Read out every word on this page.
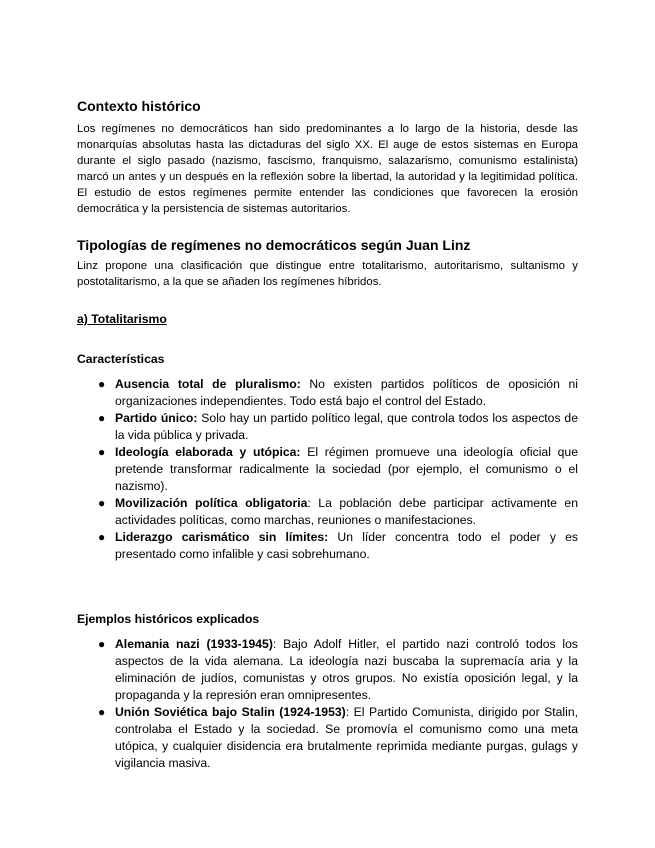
Contexto histórico

Los regímenes no democráticos han sido predominantes a lo largo de la historia, desde las monarquías absolutas hasta las dictaduras del siglo XX. El auge de estos sistemas en Europa durante el siglo pasado (nazismo, fascismo, franquismo, salazarismo, comunismo estalinista) marcó un antes y un después en la reflexión sobre la libertad, la autoridad y la legitimidad política. El estudio de estos regímenes permite entender las condiciones que favorecen la erosión democrática y la persistencia de sistemas autoritarios.

Tipologías de regímenes no democráticos según Juan Linz

Linz propone una clasificación que distingue entre totalitarismo, autoritarismo, sultanismo y postotalitarismo, a la que se añaden los regímenes híbridos.

a) Totalitarismo

Características

● Ausencia total de pluralismo: No existen partidos políticos de oposición ni organizaciones independientes. Todo está bajo el control del Estado.
● Partido único: Solo hay un partido político legal, que controla todos los aspectos de la vida pública y privada.
● Ideología elaborada y utópica: El régimen promueve una ideología oficial que pretende transformar radicalmente la sociedad (por ejemplo, el comunismo o el nazismo).
● Movilización política obligatoria: La población debe participar activamente en actividades políticas, como marchas, reuniones o manifestaciones.
● Liderazgo carismático sin límites: Un líder concentra todo el poder y es presentado como infalible y casi sobrehumano.

Ejemplos históricos explicados

● Alemania nazi (1933-1945): Bajo Adolf Hitler, el partido nazi controló todos los aspectos de la vida alemana. La ideología nazi buscaba la supremacía aria y la eliminación de judíos, comunistas y otros grupos. No existía oposición legal, y la propaganda y la represión eran omnipresentes.
● Unión Soviética bajo Stalin (1924-1953): El Partido Comunista, dirigido por Stalin, controlaba el Estado y la sociedad. Se promovía el comunismo como una meta utópica, y cualquier disidencia era brutalmente reprimida mediante purgas, gulags y vigilancia masiva.
